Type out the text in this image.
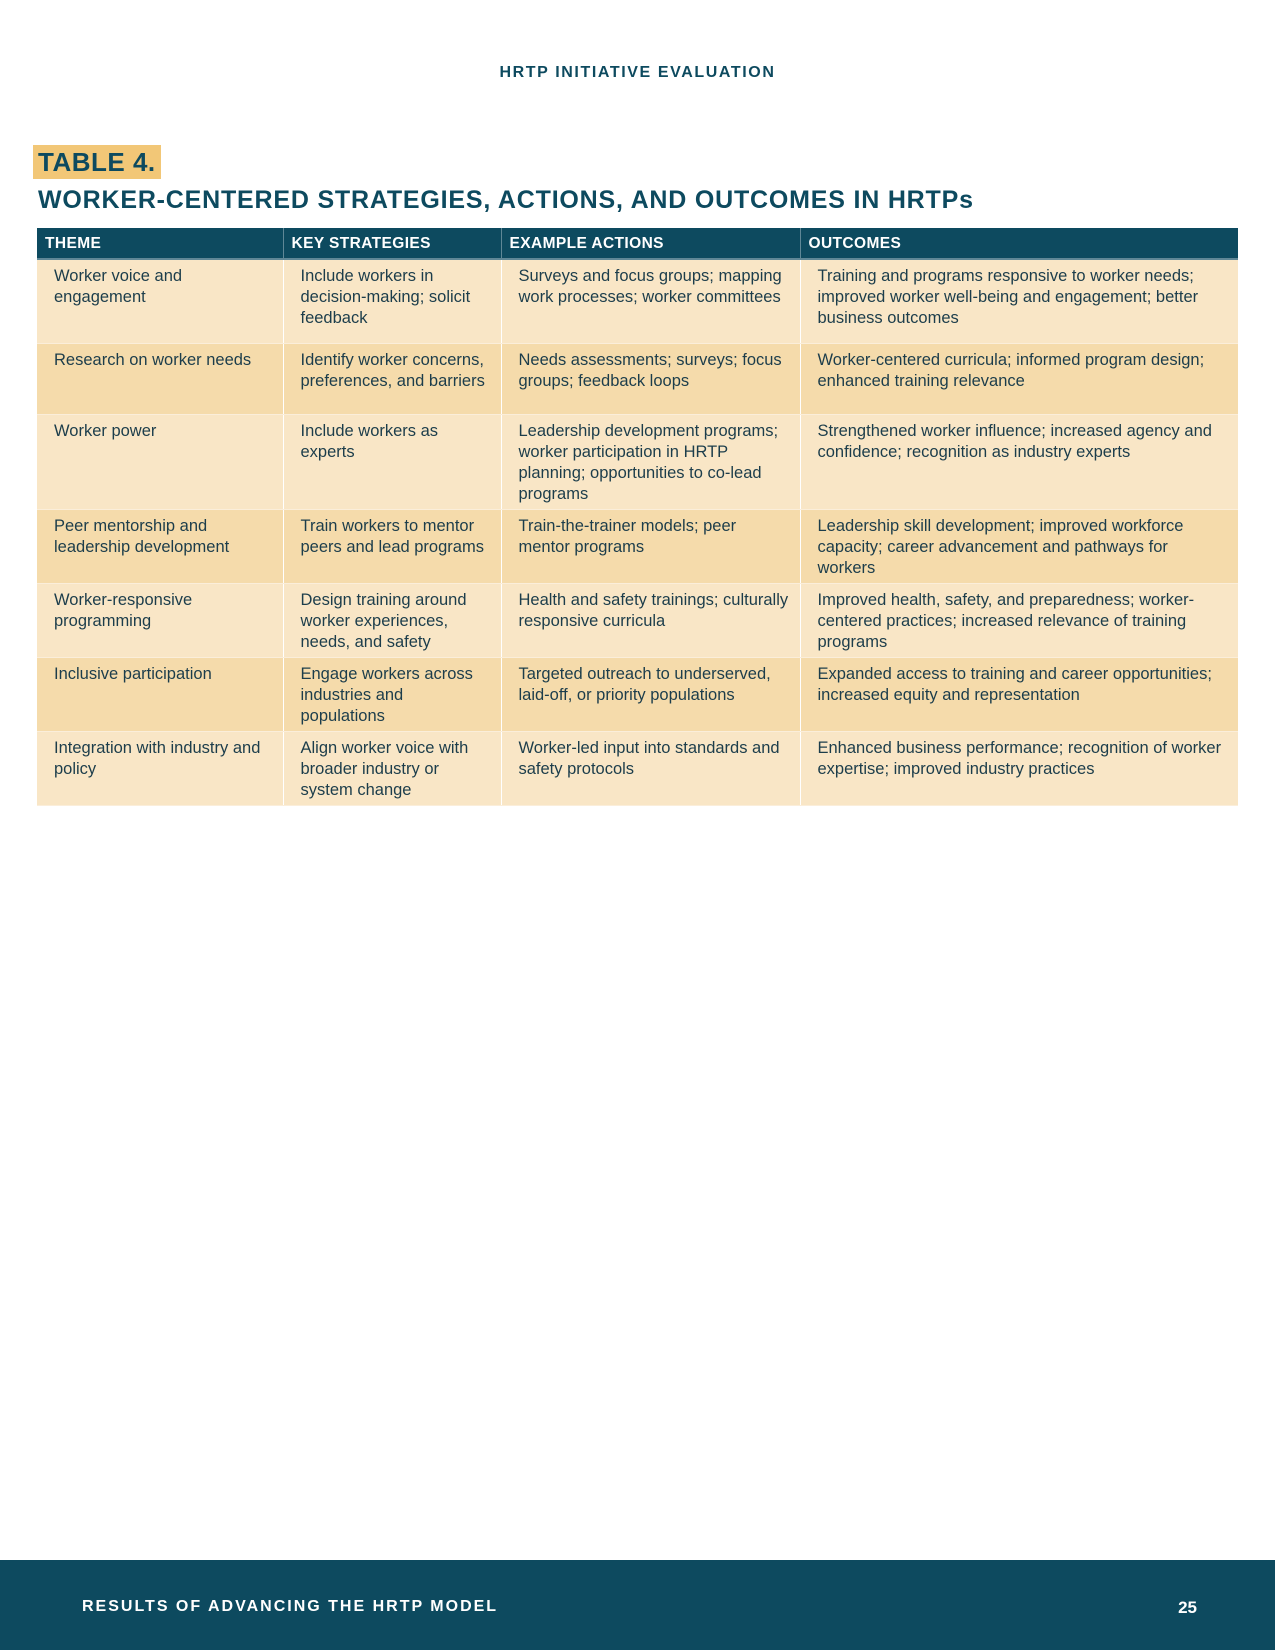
HRTP INITIATIVE EVALUATION
TABLE 4.
WORKER-CENTERED STRATEGIES, ACTIONS, AND OUTCOMES IN HRTPs
THEME	KEY STRATEGIES	EXAMPLE ACTIONS	OUTCOMES
Worker voice and engagement	Include workers in decision-making; solicit feedback	Surveys and focus groups; mapping work processes; worker committees	Training and programs responsive to worker needs; improved worker well-being and engagement; better business outcomes
Research on worker needs	Identify worker concerns, preferences, and barriers	Needs assessments; surveys; focus groups; feedback loops	Worker-centered curricula; informed program design; enhanced training relevance
Worker power	Include workers as experts	Leadership development programs; worker participation in HRTP planning; opportunities to co-lead programs	Strengthened worker influence; increased agency and confidence; recognition as industry experts
Peer mentorship and leadership development	Train workers to mentor peers and lead programs	Train-the-trainer models; peer mentor programs	Leadership skill development; improved workforce capacity; career advancement and pathways for workers
Worker-responsive programming	Design training around worker experiences, needs, and safety	Health and safety trainings; culturally responsive curricula	Improved health, safety, and preparedness; worker-centered practices; increased relevance of training programs
Inclusive participation	Engage workers across industries and populations	Targeted outreach to underserved, laid-off, or priority populations	Expanded access to training and career opportunities; increased equity and representation
Integration with industry and policy	Align worker voice with broader industry or system change	Worker-led input into standards and safety protocols	Enhanced business performance; recognition of worker expertise; improved industry practices
RESULTS OF ADVANCING THE HRTP MODEL	25
